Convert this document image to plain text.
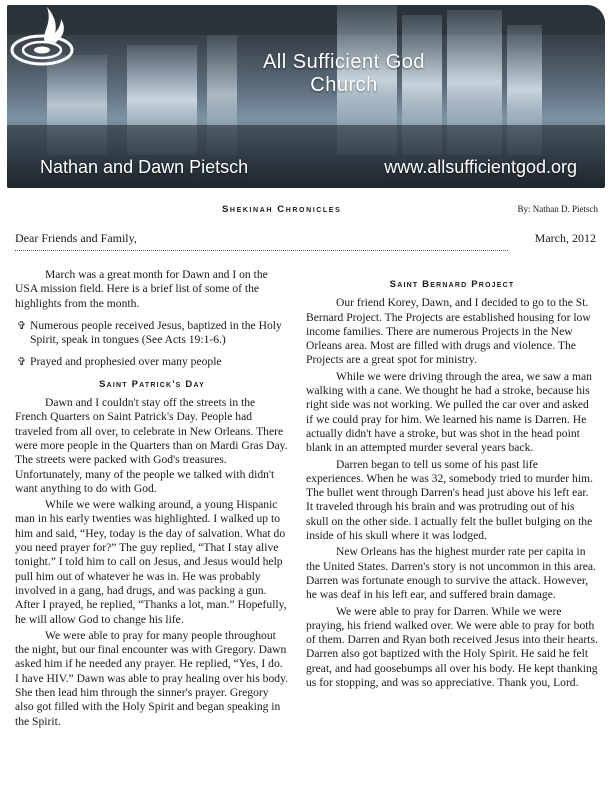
All Sufficient God
Church
Nathan and Dawn Pietsch	www.allsufficientgod.org
Shekinah Chronicles	By: Nathan D. Pietsch
Dear Friends and Family,	March, 2012

March was a great month for Dawn and I on the USA mission field. Here is a brief list of some of the highlights from the month.

✞ Numerous people received Jesus, baptized in the Holy Spirit, speak in tongues (See Acts 19:1-6.)
✞ Prayed and prophesied over many people
Saint Patrick's Day

Dawn and I couldn't stay off the streets in the French Quarters on Saint Patrick's Day. People had traveled from all over, to celebrate in New Orleans. There were more people in the Quarters than on Mardi Gras Day. The streets were packed with God's treasures. Unfortunately, many of the people we talked with didn't want anything to do with God.

While we were walking around, a young Hispanic man in his early twenties was highlighted. I walked up to him and said, “Hey, today is the day of salvation. What do you need prayer for?” The guy replied, “That I stay alive tonight.” I told him to call on Jesus, and Jesus would help pull him out of whatever he was in. He was probably involved in a gang, had drugs, and was packing a gun. After I prayed, he replied, “Thanks a lot, man.” Hopefully, he will allow God to change his life.

We were able to pray for many people throughout the night, but our final encounter was with Gregory. Dawn asked him if he needed any prayer. He replied, “Yes, I do. I have HIV.” Dawn was able to pray healing over his body. She then lead him through the sinner's prayer. Gregory also got filled with the Holy Spirit and began speaking in the Spirit.

Saint Bernard Project

Our friend Korey, Dawn, and I decided to go to the St. Bernard Project. The Projects are established housing for low income families. There are numerous Projects in the New Orleans area. Most are filled with drugs and violence. The Projects are a great spot for ministry.

While we were driving through the area, we saw a man walking with a cane. We thought he had a stroke, because his right side was not working. We pulled the car over and asked if we could pray for him. We learned his name is Darren. He actually didn't have a stroke, but was shot in the head point blank in an attempted murder several years back.

Darren began to tell us some of his past life experiences. When he was 32, somebody tried to murder him. The bullet went through Darren's head just above his left ear. It traveled through his brain and was protruding out of his skull on the other side. I actually felt the bullet bulging on the inside of his skull where it was lodged.

New Orleans has the highest murder rate per capita in the United States. Darren's story is not uncommon in this area. Darren was fortunate enough to survive the attack. However, he was deaf in his left ear, and suffered brain damage.

We were able to pray for Darren. While we were praying, his friend walked over. We were able to pray for both of them. Darren and Ryan both received Jesus into their hearts. Darren also got baptized with the Holy Spirit. He said he felt great, and had goosebumps all over his body. He kept thanking us for stopping, and was so appreciative. Thank you, Lord.
